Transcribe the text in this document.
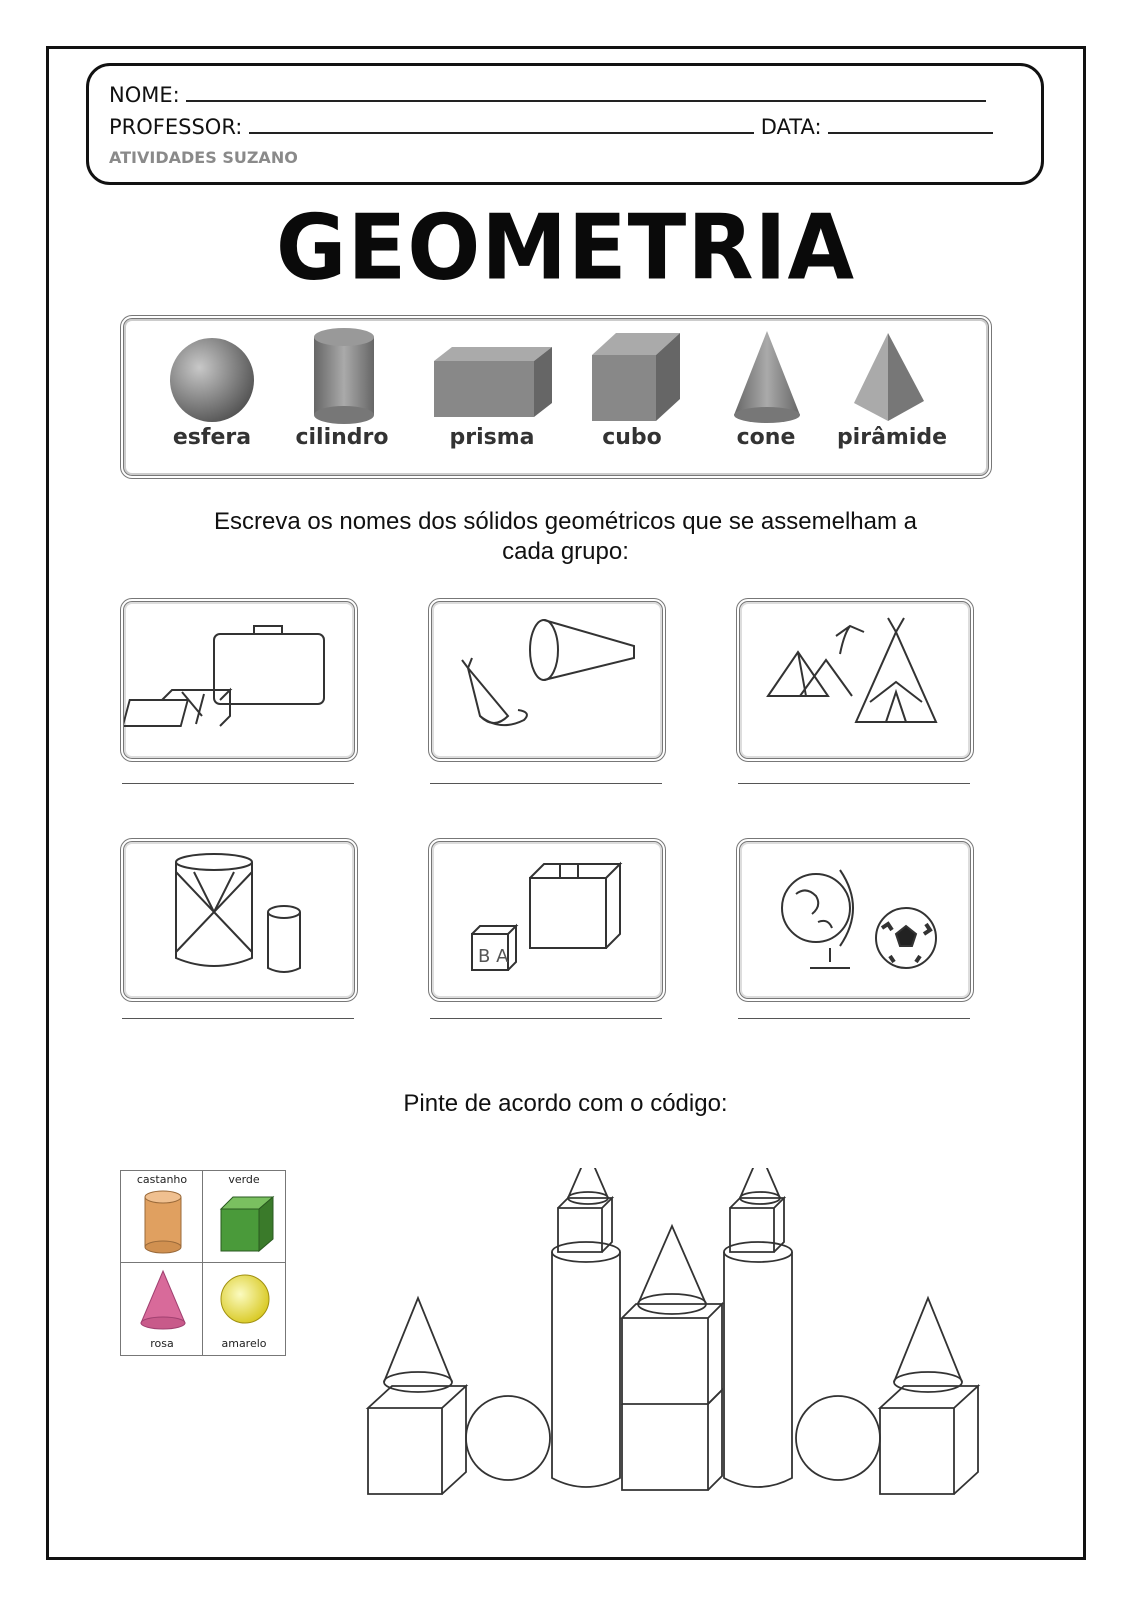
NOME:
PROFESSOR:	DATA:
ATIVIDADES SUZANO
GEOMETRIA
esfera	cilindro	prisma	cubo	cone	pirâmide
Escreva os nomes dos sólidos geométricos que se assemelham a
cada grupo:
B A
Pinte de acordo com o código:
castanho	verde
rosa	amarelo
